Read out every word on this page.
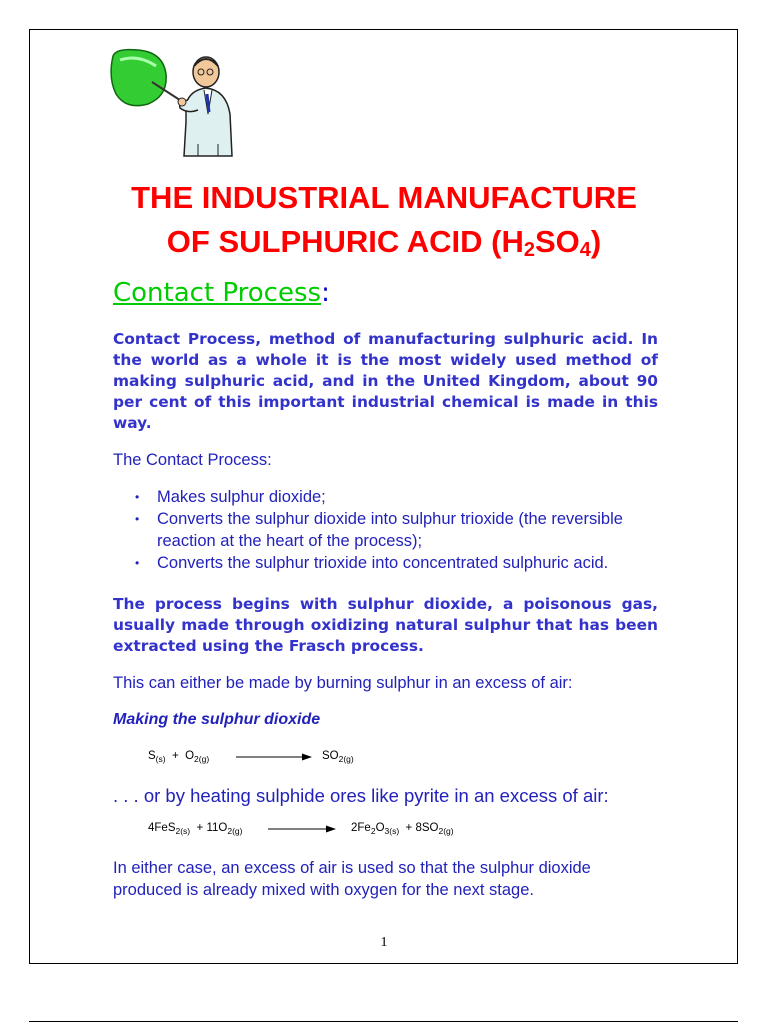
THE INDUSTRIAL MANUFACTURE
OF SULPHURIC ACID $(H_2SO_4)$
Contact Process:
Contact Process, method of manufacturing sulphuric acid. In the world as a whole it is the most widely used method of making sulphuric acid, and in the United Kingdom, about 90 per cent of this important industrial chemical is made in this way.
The Contact Process:
• Makes sulphur dioxide;
• Converts the sulphur dioxide into sulphur trioxide (the reversible reaction at the heart of the process);
• Converts the sulphur trioxide into concentrated sulphuric acid.
The process begins with sulphur dioxide, a poisonous gas, usually made through oxidizing natural sulphur that has been extracted using the Frasch process.
This can either be made by burning sulphur in an excess of air:
Making the sulphur dioxide
$S_{(s)} + O_{2(g)}$	$SO_{2(g)}$
. . . or by heating sulphide ores like pyrite in an excess of air:
$4FeS_{2(s)} + 11O_{2(g)}$	$2Fe_2O_{3(s)} + 8SO_{2(g)}$
In either case, an excess of air is used so that the sulphur dioxide produced is already mixed with oxygen for the next stage.
1
